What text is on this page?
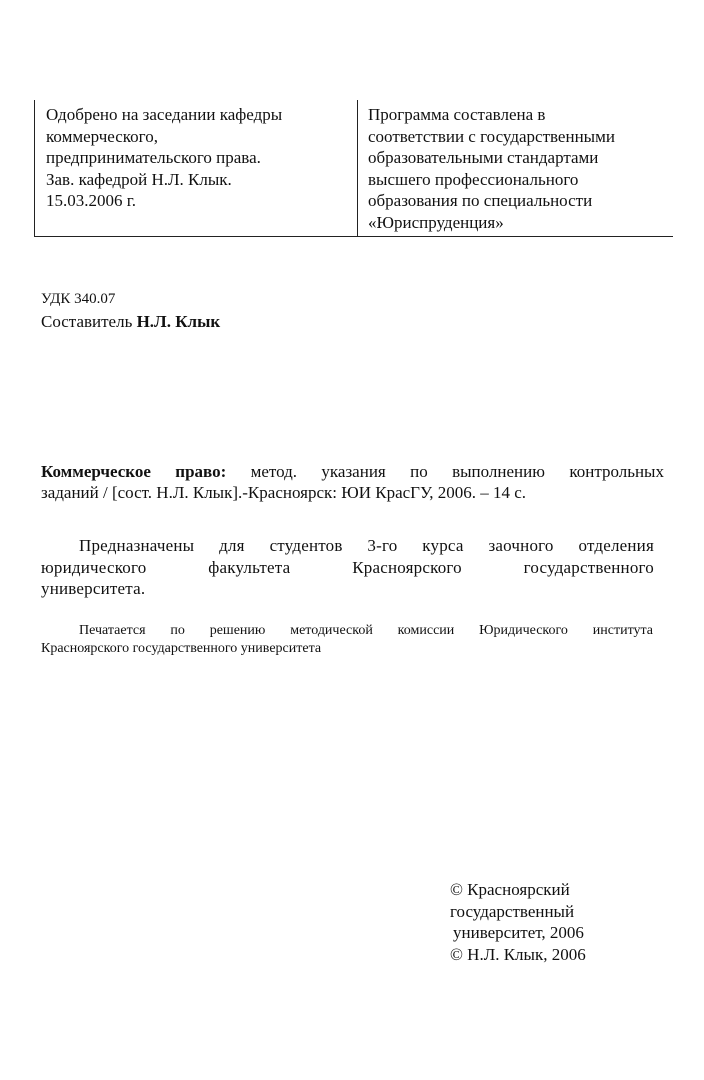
Одобрено на заседании кафедры
коммерческого,
предпринимательского права.
Зав. кафедрой Н.Л. Клык.
15.03.2006 г.
Программа составлена в
соответствии с государственными
образовательными стандартами
высшего профессионального
образования по специальности
«Юриспруденция»
УДК 340.07
Составитель Н.Л. Клык
Коммерческое право: метод. указания по выполнению контрольных
заданий / [сост. Н.Л. Клык].-Красноярск: ЮИ КрасГУ, 2006. – 14 с.
Предназначены для студентов 3-го курса заочного отделения
юридического факультета Красноярского государственного
университета.
Печатается по решению методической комиссии Юридического института
Красноярского государственного университета
© Красноярский
государственный
университет, 2006
© Н.Л. Клык, 2006
